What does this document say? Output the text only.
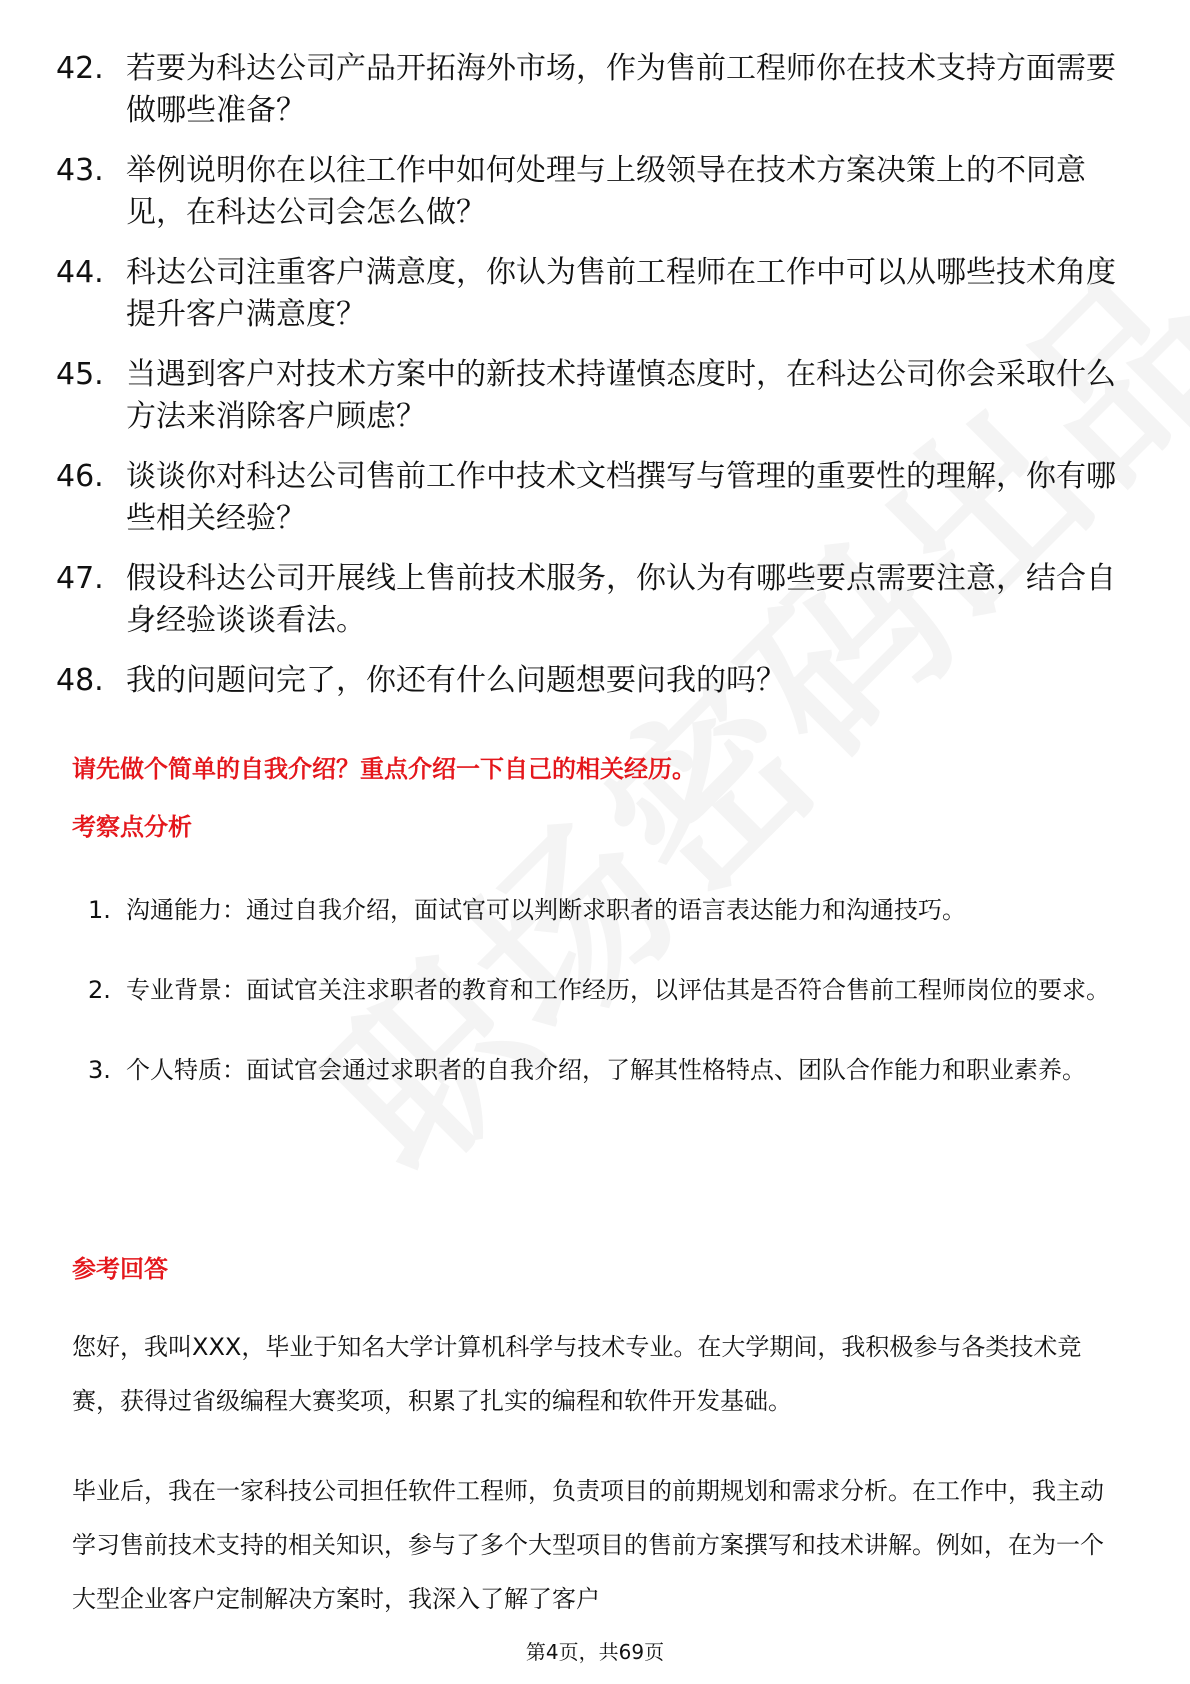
42. 若要为科达公司产品开拓海外市场，作为售前工程师你在技术支持方面需要做哪些准备？
43. 举例说明你在以往工作中如何处理与上级领导在技术方案决策上的不同意见，在科达公司会怎么做？
44. 科达公司注重客户满意度，你认为售前工程师在工作中可以从哪些技术角度提升客户满意度？
45. 当遇到客户对技术方案中的新技术持谨慎态度时，在科达公司你会采取什么方法来消除客户顾虑？
46. 谈谈你对科达公司售前工作中技术文档撰写与管理的重要性的理解，你有哪些相关经验？
47. 假设科达公司开展线上售前技术服务，你认为有哪些要点需要注意，结合自身经验谈谈看法。
48. 我的问题问完了，你还有什么问题想要问我的吗？
请先做个简单的自我介绍？重点介绍一下自己的相关经历。
考察点分析
1. 沟通能力：通过自我介绍，面试官可以判断求职者的语言表达能力和沟通技巧。
2. 专业背景：面试官关注求职者的教育和工作经历，以评估其是否符合售前工程师岗位的要求。
3. 个人特质：面试官会通过求职者的自我介绍，了解其性格特点、团队合作能力和职业素养。
参考回答
您好，我叫XXX，毕业于知名大学计算机科学与技术专业。在大学期间，我积极参与各类技术竞赛，获得过省级编程大赛奖项，积累了扎实的编程和软件开发基础。
毕业后，我在一家科技公司担任软件工程师，负责项目的前期规划和需求分析。在工作中，我主动学习售前技术支持的相关知识，参与了多个大型项目的售前方案撰写和技术讲解。例如，在为一个大型企业客户定制解决方案时，我深入了解了客户
第4页，共69页
